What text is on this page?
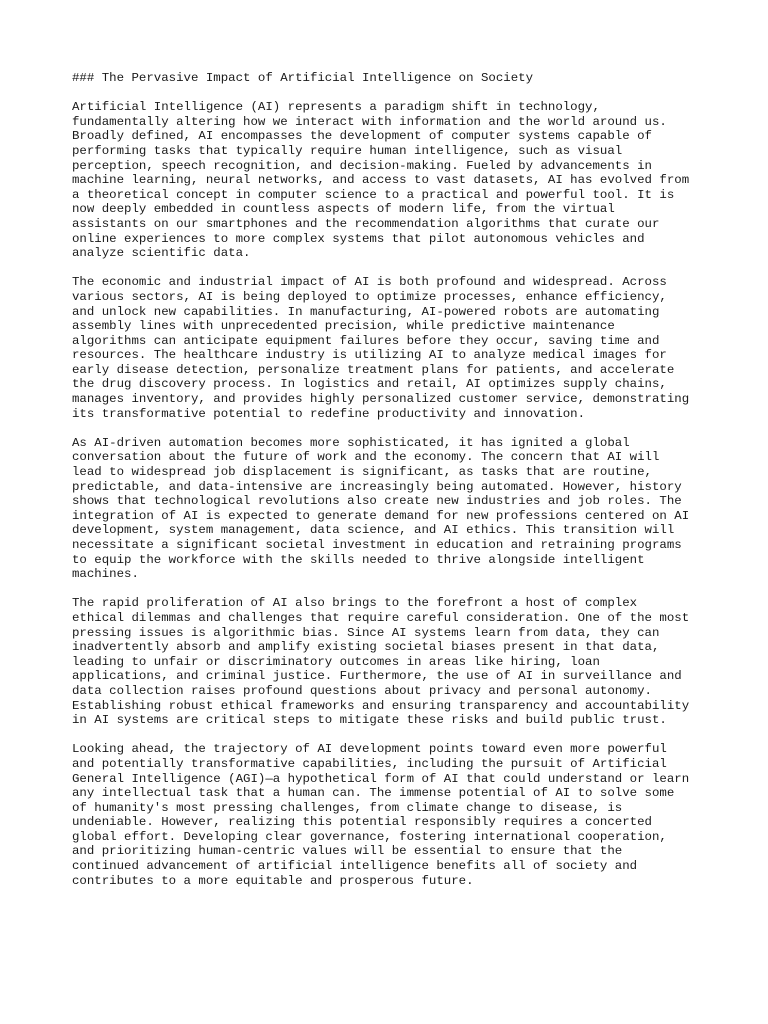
### The Pervasive Impact of Artificial Intelligence on Society
Artificial Intelligence (AI) represents a paradigm shift in technology,
fundamentally altering how we interact with information and the world around us.
Broadly defined, AI encompasses the development of computer systems capable of
performing tasks that typically require human intelligence, such as visual
perception, speech recognition, and decision-making. Fueled by advancements in
machine learning, neural networks, and access to vast datasets, AI has evolved from
a theoretical concept in computer science to a practical and powerful tool. It is
now deeply embedded in countless aspects of modern life, from the virtual
assistants on our smartphones and the recommendation algorithms that curate our
online experiences to more complex systems that pilot autonomous vehicles and
analyze scientific data.
The economic and industrial impact of AI is both profound and widespread. Across
various sectors, AI is being deployed to optimize processes, enhance efficiency,
and unlock new capabilities. In manufacturing, AI-powered robots are automating
assembly lines with unprecedented precision, while predictive maintenance
algorithms can anticipate equipment failures before they occur, saving time and
resources. The healthcare industry is utilizing AI to analyze medical images for
early disease detection, personalize treatment plans for patients, and accelerate
the drug discovery process. In logistics and retail, AI optimizes supply chains,
manages inventory, and provides highly personalized customer service, demonstrating
its transformative potential to redefine productivity and innovation.
As AI-driven automation becomes more sophisticated, it has ignited a global
conversation about the future of work and the economy. The concern that AI will
lead to widespread job displacement is significant, as tasks that are routine,
predictable, and data-intensive are increasingly being automated. However, history
shows that technological revolutions also create new industries and job roles. The
integration of AI is expected to generate demand for new professions centered on AI
development, system management, data science, and AI ethics. This transition will
necessitate a significant societal investment in education and retraining programs
to equip the workforce with the skills needed to thrive alongside intelligent
machines.
The rapid proliferation of AI also brings to the forefront a host of complex
ethical dilemmas and challenges that require careful consideration. One of the most
pressing issues is algorithmic bias. Since AI systems learn from data, they can
inadvertently absorb and amplify existing societal biases present in that data,
leading to unfair or discriminatory outcomes in areas like hiring, loan
applications, and criminal justice. Furthermore, the use of AI in surveillance and
data collection raises profound questions about privacy and personal autonomy.
Establishing robust ethical frameworks and ensuring transparency and accountability
in AI systems are critical steps to mitigate these risks and build public trust.
Looking ahead, the trajectory of AI development points toward even more powerful
and potentially transformative capabilities, including the pursuit of Artificial
General Intelligence (AGI)—a hypothetical form of AI that could understand or learn
any intellectual task that a human can. The immense potential of AI to solve some
of humanity's most pressing challenges, from climate change to disease, is
undeniable. However, realizing this potential responsibly requires a concerted
global effort. Developing clear governance, fostering international cooperation,
and prioritizing human-centric values will be essential to ensure that the
continued advancement of artificial intelligence benefits all of society and
contributes to a more equitable and prosperous future.
